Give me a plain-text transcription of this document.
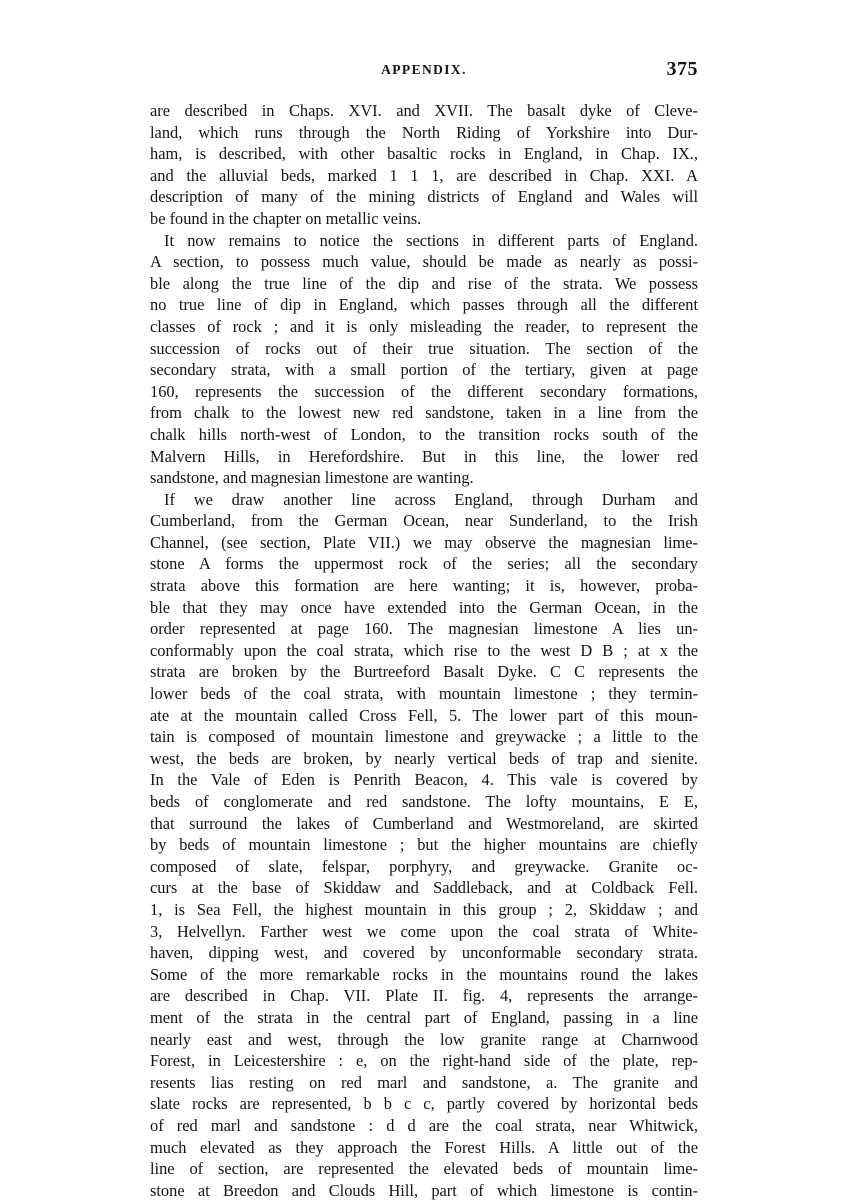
APPENDIX.	375
are described in Chaps. XVI. and XVII. The basalt dyke of Cleve-
land, which runs through the North Riding of Yorkshire into Dur-
ham, is described, with other basaltic rocks in England, in Chap. IX.,
and the alluvial beds, marked 1 1 1, are described in Chap. XXI. A
description of many of the mining districts of England and Wales will
be found in the chapter on metallic veins.
It now remains to notice the sections in different parts of England.
A section, to possess much value, should be made as nearly as possi-
ble along the true line of the dip and rise of the strata. We possess
no true line of dip in England, which passes through all the different
classes of rock ; and it is only misleading the reader, to represent the
succession of rocks out of their true situation. The section of the
secondary strata, with a small portion of the tertiary, given at page
160, represents the succession of the different secondary formations,
from chalk to the lowest new red sandstone, taken in a line from the
chalk hills north-west of London, to the transition rocks south of the
Malvern Hills, in Herefordshire. But in this line, the lower red
sandstone, and magnesian limestone are wanting.
If we draw another line across England, through Durham and
Cumberland, from the German Ocean, near Sunderland, to the Irish
Channel, (see section, Plate VII.) we may observe the magnesian lime-
stone A forms the uppermost rock of the series; all the secondary
strata above this formation are here wanting; it is, however, proba-
ble that they may once have extended into the German Ocean, in the
order represented at page 160. The magnesian limestone A lies un-
conformably upon the coal strata, which rise to the west D B ; at x the
strata are broken by the Burtreeford Basalt Dyke. C C represents the
lower beds of the coal strata, with mountain limestone ; they termin-
ate at the mountain called Cross Fell, 5. The lower part of this moun-
tain is composed of mountain limestone and greywacke ; a little to the
west, the beds are broken, by nearly vertical beds of trap and sienite.
In the Vale of Eden is Penrith Beacon, 4. This vale is covered by
beds of conglomerate and red sandstone. The lofty mountains, E E,
that surround the lakes of Cumberland and Westmoreland, are skirted
by beds of mountain limestone ; but the higher mountains are chiefly
composed of slate, felspar, porphyry, and greywacke. Granite oc-
curs at the base of Skiddaw and Saddleback, and at Coldback Fell.
1, is Sea Fell, the highest mountain in this group ; 2, Skiddaw ; and
3, Helvellyn. Farther west we come upon the coal strata of White-
haven, dipping west, and covered by unconformable secondary strata.
Some of the more remarkable rocks in the mountains round the lakes
are described in Chap. VII. Plate II. fig. 4, represents the arrange-
ment of the strata in the central part of England, passing in a line
nearly east and west, through the low granite range at Charnwood
Forest, in Leicestershire : e, on the right-hand side of the plate, rep-
resents lias resting on red marl and sandstone, a. The granite and
slate rocks are represented, b b c c, partly covered by horizontal beds
of red marl and sandstone : d d are the coal strata, near Whitwick,
much elevated as they approach the Forest Hills. A little out of the
line of section, are represented the elevated beds of mountain lime-
stone at Breedon and Clouds Hill, part of which limestone is contin-
